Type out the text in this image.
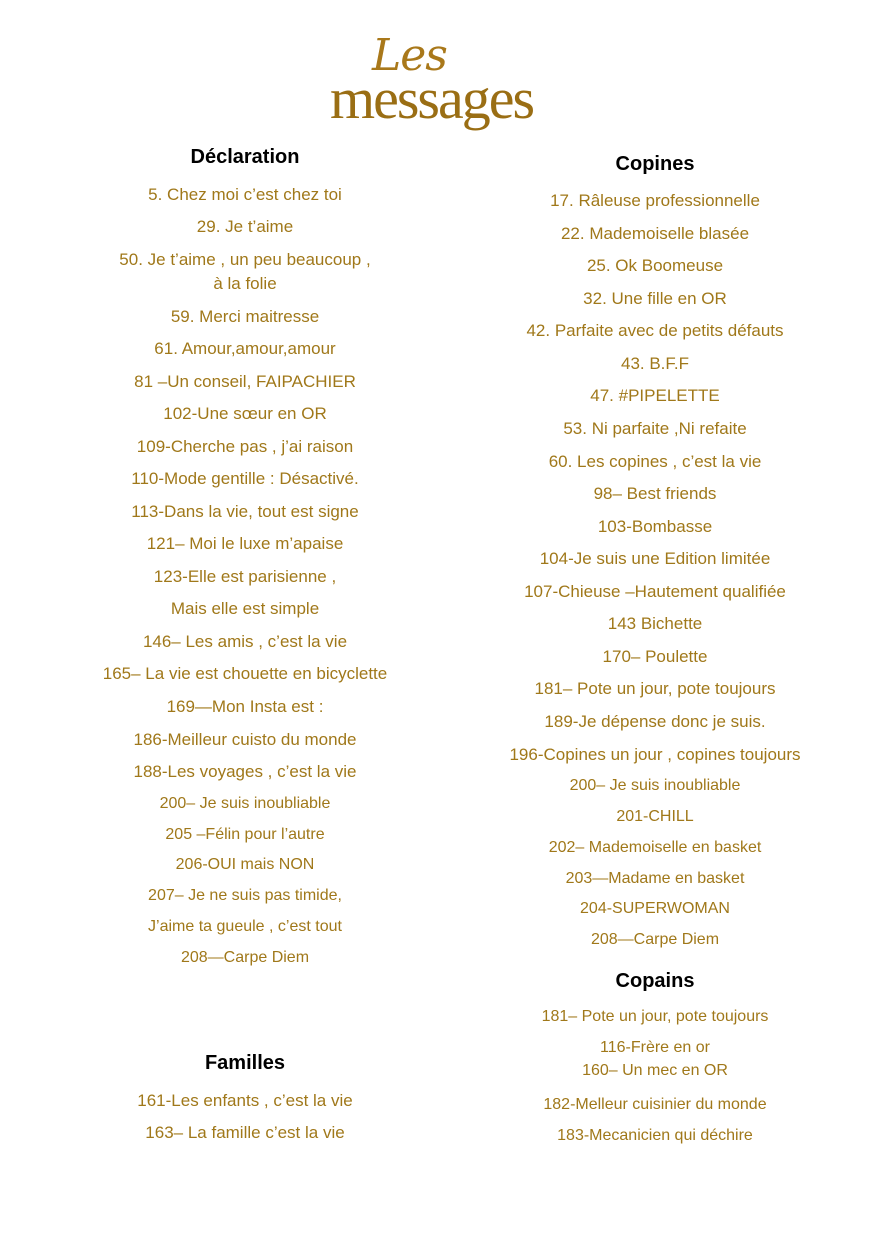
Les
messages
Déclaration
5. Chez moi c’est chez toi
29. Je t’aime
50. Je t’aime , un peu beaucoup ,
à la folie
59. Merci maitresse
61. Amour,amour,amour
81 –Un conseil, FAIPACHIER
102-Une sœur en OR
109-Cherche pas , j’ai raison
110-Mode gentille : Désactivé.
113-Dans la vie, tout est signe
121– Moi le luxe m’apaise
123-Elle est parisienne ,
Mais elle est simple
146– Les amis , c’est la vie
165– La vie est chouette en bicyclette
169—Mon Insta est :
186-Meilleur cuisto du monde
188-Les voyages , c’est la vie
200– Je suis inoubliable
205 –Félin pour l’autre
206-OUI mais NON
207– Je ne suis pas timide,
J’aime ta gueule , c’est tout
208—Carpe Diem
Familles
161-Les enfants , c’est la vie
163– La famille c’est la vie
Copines
17. Râleuse professionnelle
22. Mademoiselle blasée
25. Ok Boomeuse
32. Une fille en OR
42. Parfaite avec de petits défauts
43. B.F.F
47. #PIPELETTE
53. Ni parfaite ,Ni refaite
60. Les copines , c’est la vie
98– Best friends
103-Bombasse
104-Je suis une Edition limitée
107-Chieuse –Hautement qualifiée
143 Bichette
170– Poulette
181– Pote un jour, pote toujours
189-Je dépense donc je suis.
196-Copines un jour , copines toujours
200– Je suis inoubliable
201-CHILL
202– Mademoiselle en basket
203—Madame en basket
204-SUPERWOMAN
208—Carpe Diem
Copains
181– Pote un jour, pote toujours
116-Frère en or
160– Un mec en OR
182-Melleur cuisinier du monde
183-Mecanicien qui déchire
